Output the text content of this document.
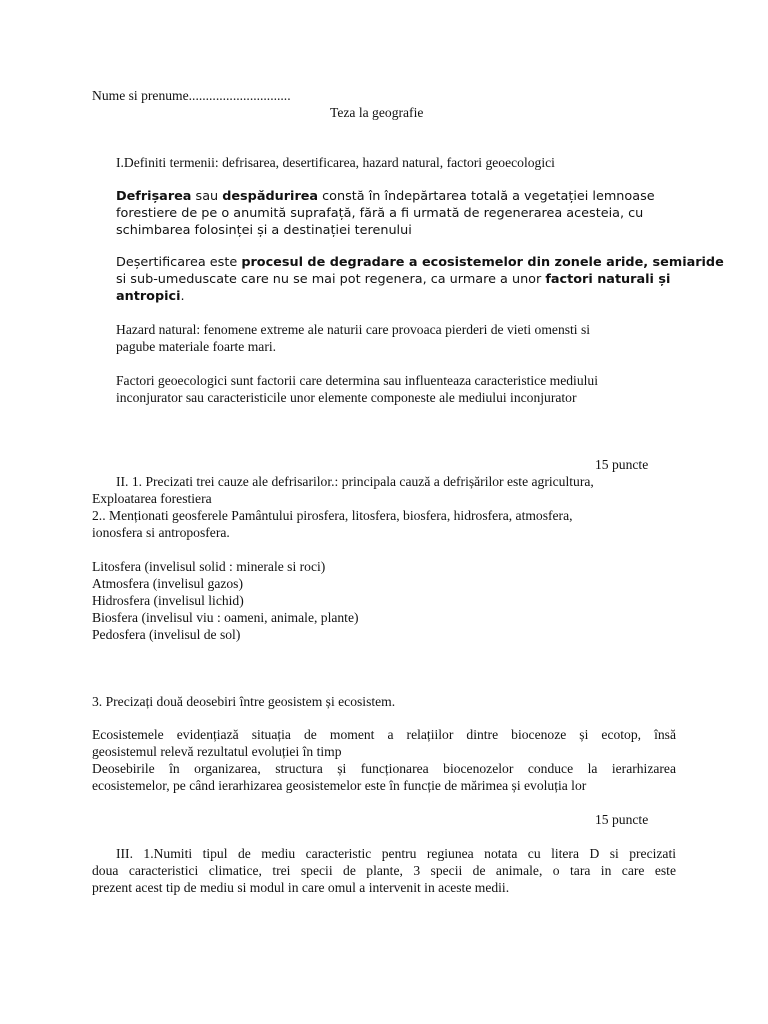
Nume si prenume..............................
Teza la geografie
I.Definiti termenii: defrisarea, desertificarea, hazard natural, factori geoecologici
Defrișarea sau despădurirea constă în îndepărtarea totală a vegetației lemnoase
forestiere de pe o anumită suprafață, fără a fi urmată de regenerarea acesteia, cu
schimbarea folosinței și a destinației terenului
Deșertificarea este procesul de degradare a ecosistemelor din zonele aride, semiaride
si sub-umeduscate care nu se mai pot regenera, ca urmare a unor factori naturali și
antropici.
Hazard natural: fenomene extreme ale naturii care provoaca pierderi de vieti omensti si
pagube materiale foarte mari.
Factori geoecologici sunt factorii care determina sau influenteaza caracteristice mediului
inconjurator sau caracteristicile unor elemente componeste ale mediului inconjurator
15 puncte
II. 1. Precizati trei cauze ale defrisarilor.: principala cauză a defrișărilor este agricultura,
Exploatarea forestiera
2.. Menționati geosferele Pamântului pirosfera, litosfera, biosfera, hidrosfera, atmosfera,
ionosfera si antroposfera.
Litosfera (invelisul solid : minerale si roci)
Atmosfera (invelisul gazos)
Hidrosfera (invelisul lichid)
Biosfera (invelisul viu : oameni, animale, plante)
Pedosfera (invelisul de sol)
3. Precizați două deosebiri între geosistem și ecosistem.
Ecosistemele evidențiază situația de moment a relațiilor dintre biocenoze și ecotop, însă
geosistemul relevă rezultatul evoluției în timp
Deosebirile în organizarea, structura și funcționarea biocenozelor conduce la ierarhizarea
ecosistemelor, pe când ierarhizarea geosistemelor este în funcție de mărimea și evoluția lor
15 puncte
III. 1.Numiti tipul de mediu caracteristic pentru regiunea notata cu litera D si precizati
doua caracteristici climatice, trei specii de plante, 3 specii de animale, o tara in care este
prezent acest tip de mediu si modul in care omul a intervenit in aceste medii.
